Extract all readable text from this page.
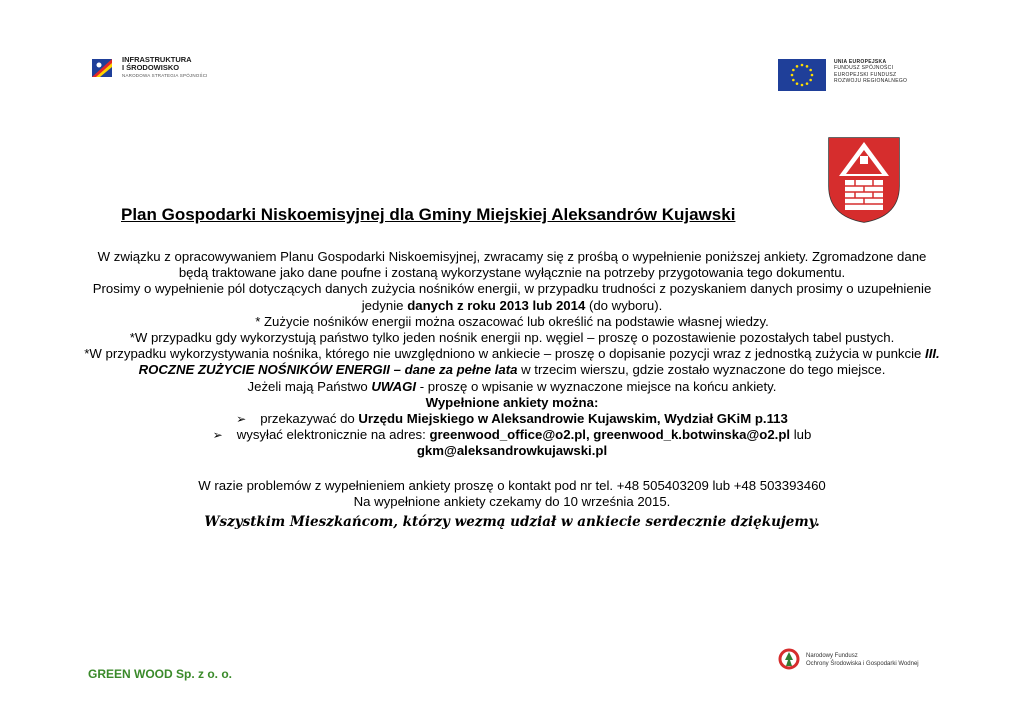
INFRASTRUKTURA
I ŚRODOWISKO
NARODOWA STRATEGIA SPÓJNOŚCI
UNIA EUROPEJSKA
FUNDUSZ SPÓJNOŚCI
EUROPEJSKI FUNDUSZ
ROZWOJU REGIONALNEGO
Plan Gospodarki Niskoemisyjnej dla Gminy Miejskiej Aleksandrów Kujawski

W związku z opracowywaniem Planu Gospodarki Niskoemisyjnej, zwracamy się z prośbą o wypełnienie poniższej ankiety. Zgromadzone dane będą traktowane jako dane poufne i zostaną wykorzystane wyłącznie na potrzeby przygotowania tego dokumentu.

Prosimy o wypełnienie pól dotyczących danych zużycia nośników energii, w przypadku trudności z pozyskaniem danych prosimy o uzupełnienie jedynie danych z roku 2013 lub 2014 (do wyboru).

* Zużycie nośników energii można oszacować lub określić na podstawie własnej wiedzy.

*W przypadku gdy wykorzystują państwo tylko jeden nośnik energii np. węgiel – proszę o pozostawienie pozostałych tabel pustych.

*W przypadku wykorzystywania nośnika, którego nie uwzględniono w ankiecie – proszę o dopisanie pozycji wraz z jednostką zużycia w punkcie III. ROCZNE ZUŻYCIE NOŚNIKÓW ENERGII – dane za pełne lata w trzecim wierszu, gdzie zostało wyznaczone do tego miejsce.

Jeżeli mają Państwo UWAGI - proszę o wpisanie w wyznaczone miejsce na końcu ankiety.

Wypełnione ankiety można:

➢ przekazywać do Urzędu Miejskiego w Aleksandrowie Kujawskim, Wydział GKiM p.113
➢ wysyłać elektronicznie na adres: greenwood_office@o2.pl, greenwood_k.botwinska@o2.pl lub

gkm@aleksandrowkujawski.pl

W razie problemów z wypełnieniem ankiety proszę o kontakt pod nr tel. +48 505403209 lub +48 503393460

Na wypełnione ankiety czekamy do 10 września 2015.

Wszystkim Mieszkańcom, którzy wezmą udział w ankiecie serdecznie dziękujemy.

GREEN WOOD Sp. z o. o.
Narodowy Fundusz
Ochrony Środowiska i Gospodarki Wodnej
